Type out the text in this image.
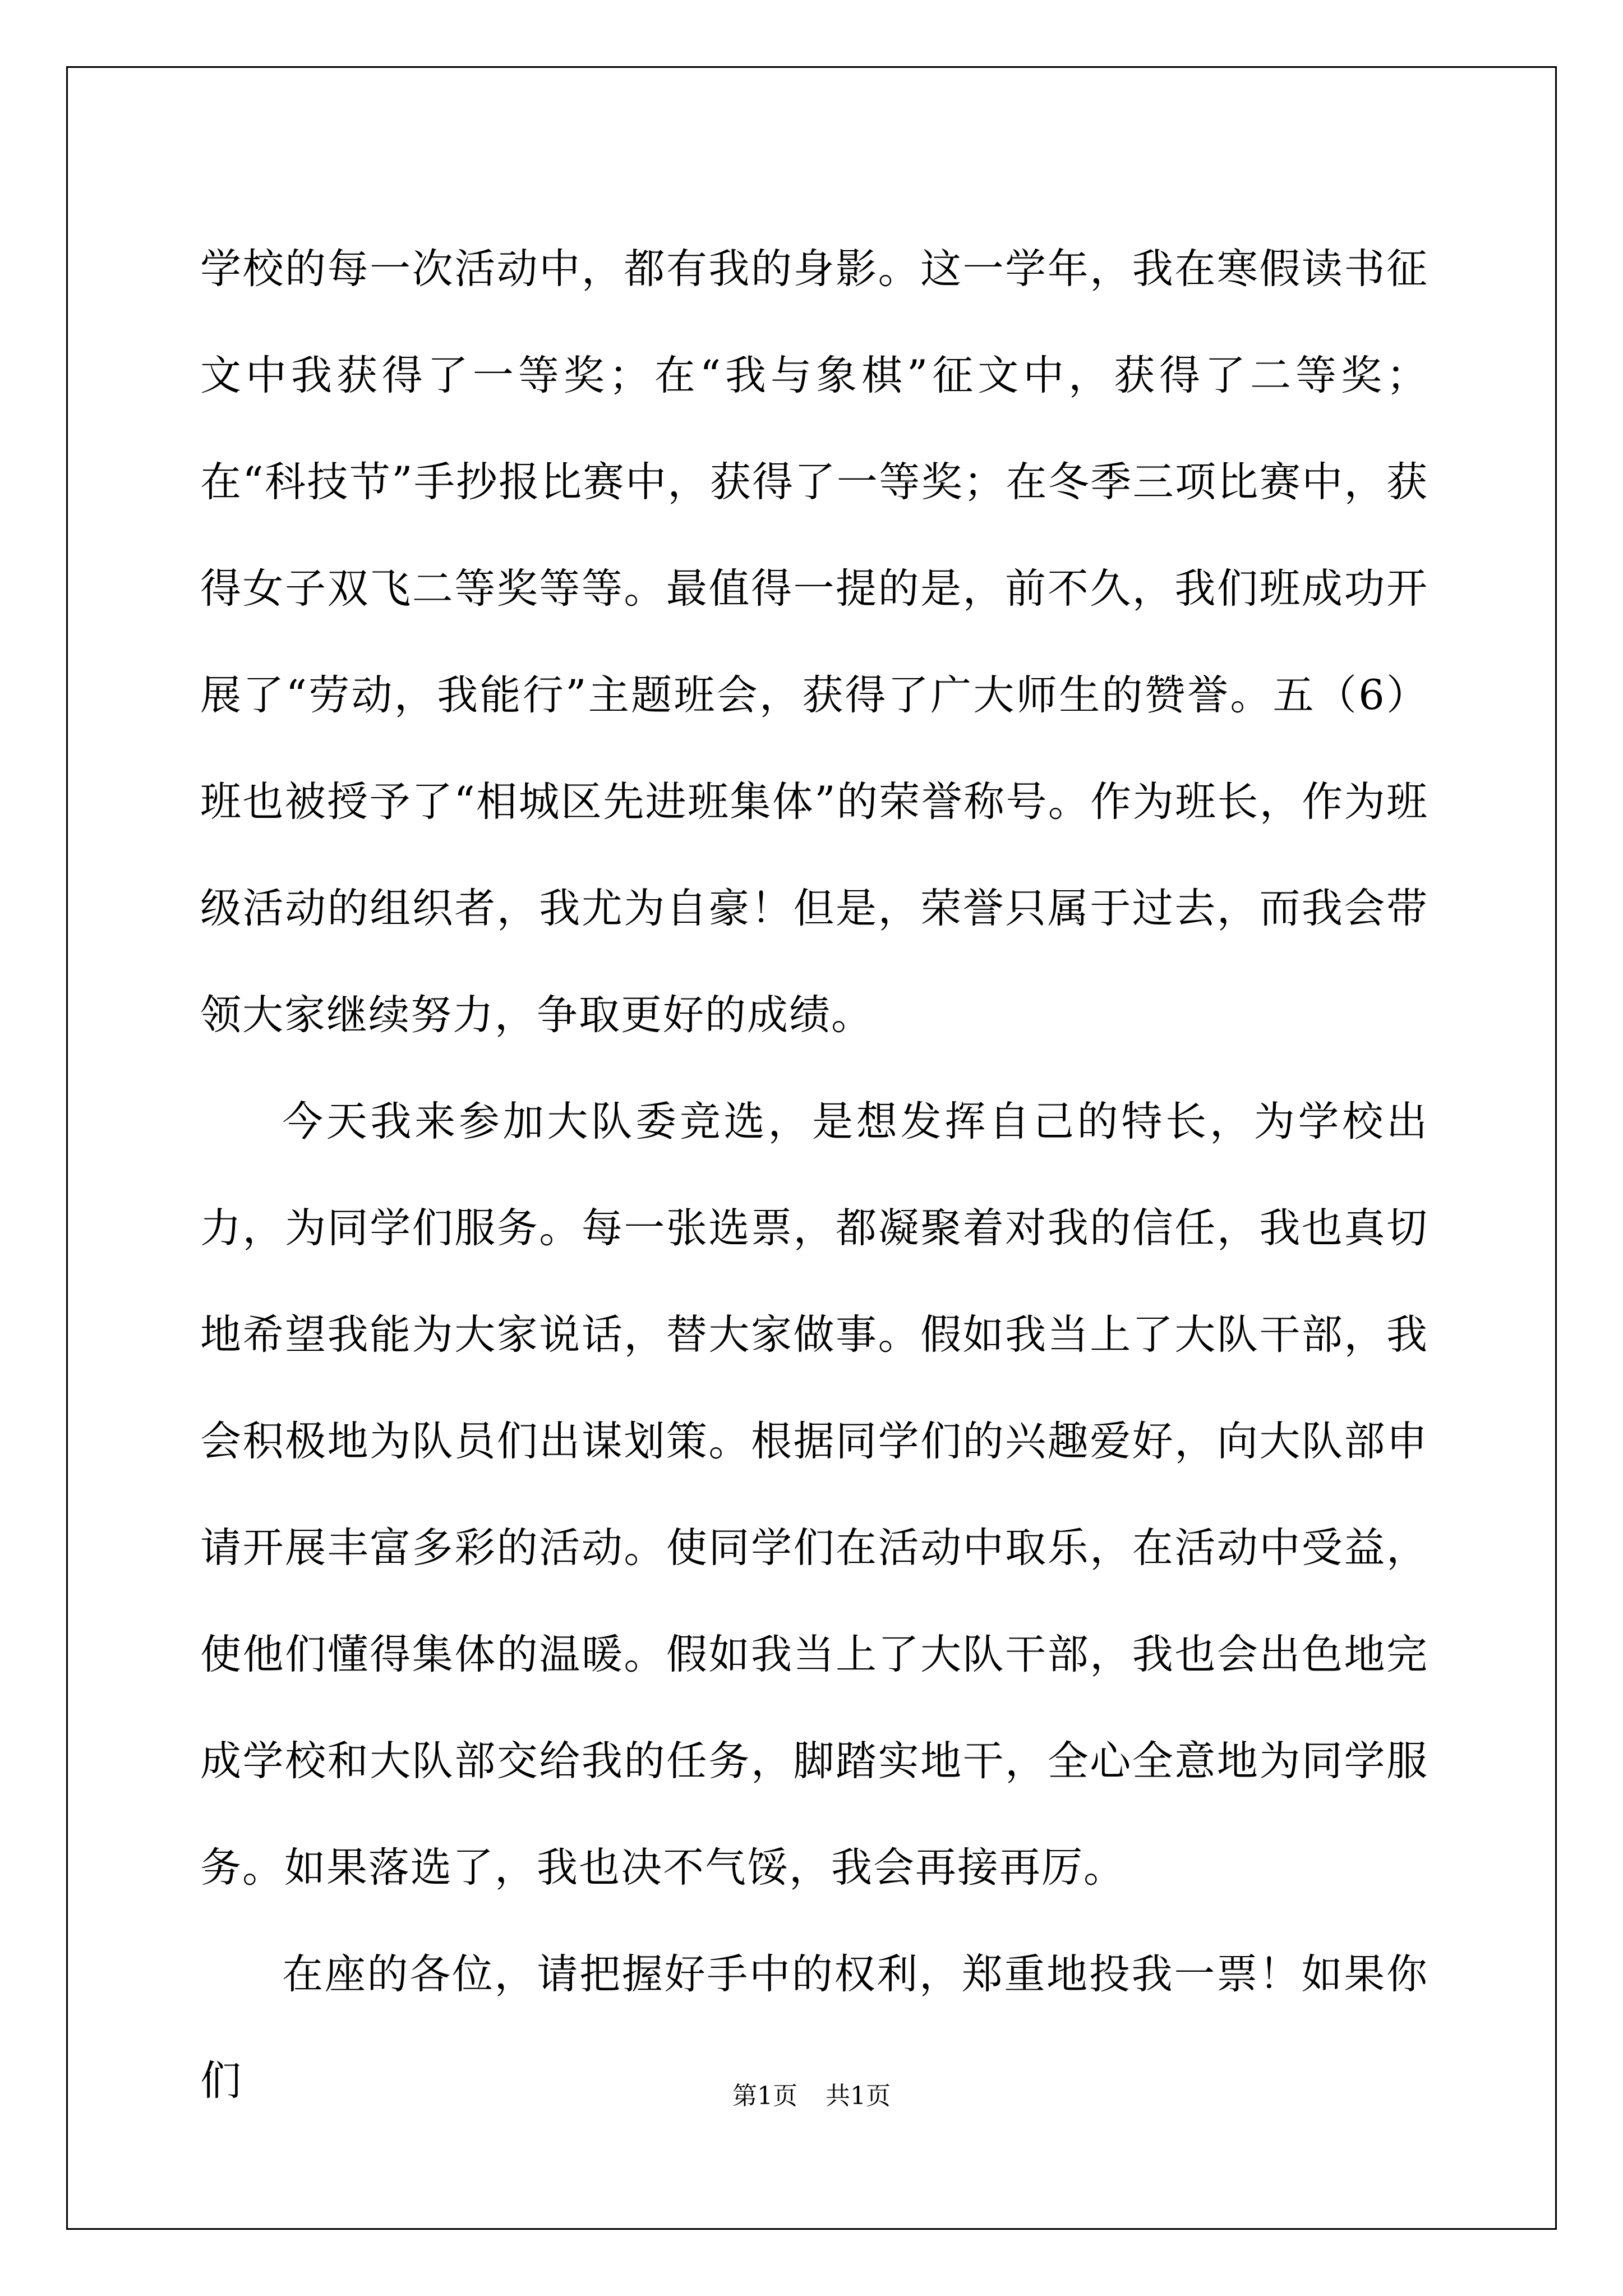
学校的每一次活动中，都有我的身影。这一学年，我在寒假读书征文中我获得了一等奖；在“我与象棋”征文中，获得了二等奖；在“科技节”手抄报比赛中，获得了一等奖；在冬季三项比赛中，获得女子双飞二等奖等等。最值得一提的是，前不久，我们班成功开展了“劳动，我能行”主题班会，获得了广大师生的赞誉。五（6）班也被授予了“相城区先进班集体”的荣誉称号。作为班长，作为班级活动的组织者，我尤为自豪！但是，荣誉只属于过去，而我会带领大家继续努力，争取更好的成绩。

今天我来参加大队委竞选，是想发挥自己的特长，为学校出力，为同学们服务。每一张选票，都凝聚着对我的信任，我也真切地希望我能为大家说话，替大家做事。假如我当上了大队干部，我会积极地为队员们出谋划策。根据同学们的兴趣爱好，向大队部申请开展丰富多彩的活动。使同学们在活动中取乐，在活动中受益，使他们懂得集体的温暖。假如我当上了大队干部，我也会出色地完成学校和大队部交给我的任务，脚踏实地干，全心全意地为同学服务。如果落选了，我也决不气馁，我会再接再厉。

在座的各位，请把握好手中的权利，郑重地投我一票！如果你们	第1页 共1页
